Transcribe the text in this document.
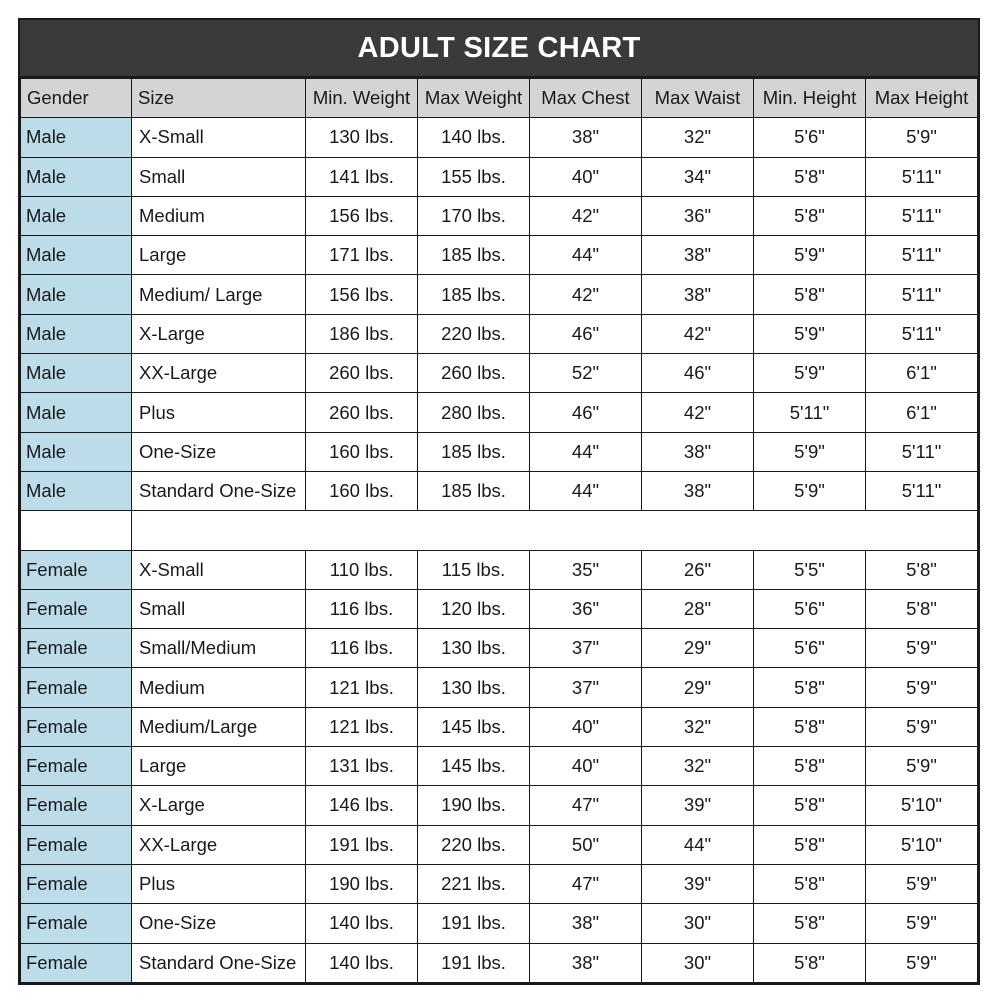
ADULT SIZE CHART
Gender	Size	Min. Weight	Max Weight	Max Chest	Max Waist	Min. Height	Max Height
Male	X-Small	130 lbs.	140 lbs.	38"	32"	5'6"	5'9"
Male	Small	141 lbs.	155 lbs.	40"	34"	5'8"	5'11"
Male	Medium	156 lbs.	170 lbs.	42"	36"	5'8"	5'11"
Male	Large	171 lbs.	185 lbs.	44"	38"	5'9"	5'11"
Male	Medium/ Large	156 lbs.	185 lbs.	42"	38"	5'8"	5'11"
Male	X-Large	186 lbs.	220 lbs.	46"	42"	5'9"	5'11"
Male	XX-Large	260 lbs.	260 lbs.	52"	46"	5'9"	6'1"
Male	Plus	260 lbs.	280 lbs.	46"	42"	5'11"	6'1"
Male	One-Size	160 lbs.	185 lbs.	44"	38"	5'9"	5'11"
Male	Standard One-Size	160 lbs.	185 lbs.	44"	38"	5'9"	5'11"

Female	X-Small	110 lbs.	115 lbs.	35"	26"	5'5"	5'8"
Female	Small	116 lbs.	120 lbs.	36"	28"	5'6"	5'8"
Female	Small/Medium	116 lbs.	130 lbs.	37"	29"	5'6"	5'9"
Female	Medium	121 lbs.	130 lbs.	37"	29"	5'8"	5'9"
Female	Medium/Large	121 lbs.	145 lbs.	40"	32"	5'8"	5'9"
Female	Large	131 lbs.	145 lbs.	40"	32"	5'8"	5'9"
Female	X-Large	146 lbs.	190 lbs.	47"	39"	5'8"	5'10"
Female	XX-Large	191 lbs.	220 lbs.	50"	44"	5'8"	5'10"
Female	Plus	190 lbs.	221 lbs.	47"	39"	5'8"	5'9"
Female	One-Size	140 lbs.	191 lbs.	38"	30"	5'8"	5'9"
Female	Standard One-Size	140 lbs.	191 lbs.	38"	30"	5'8"	5'9"
